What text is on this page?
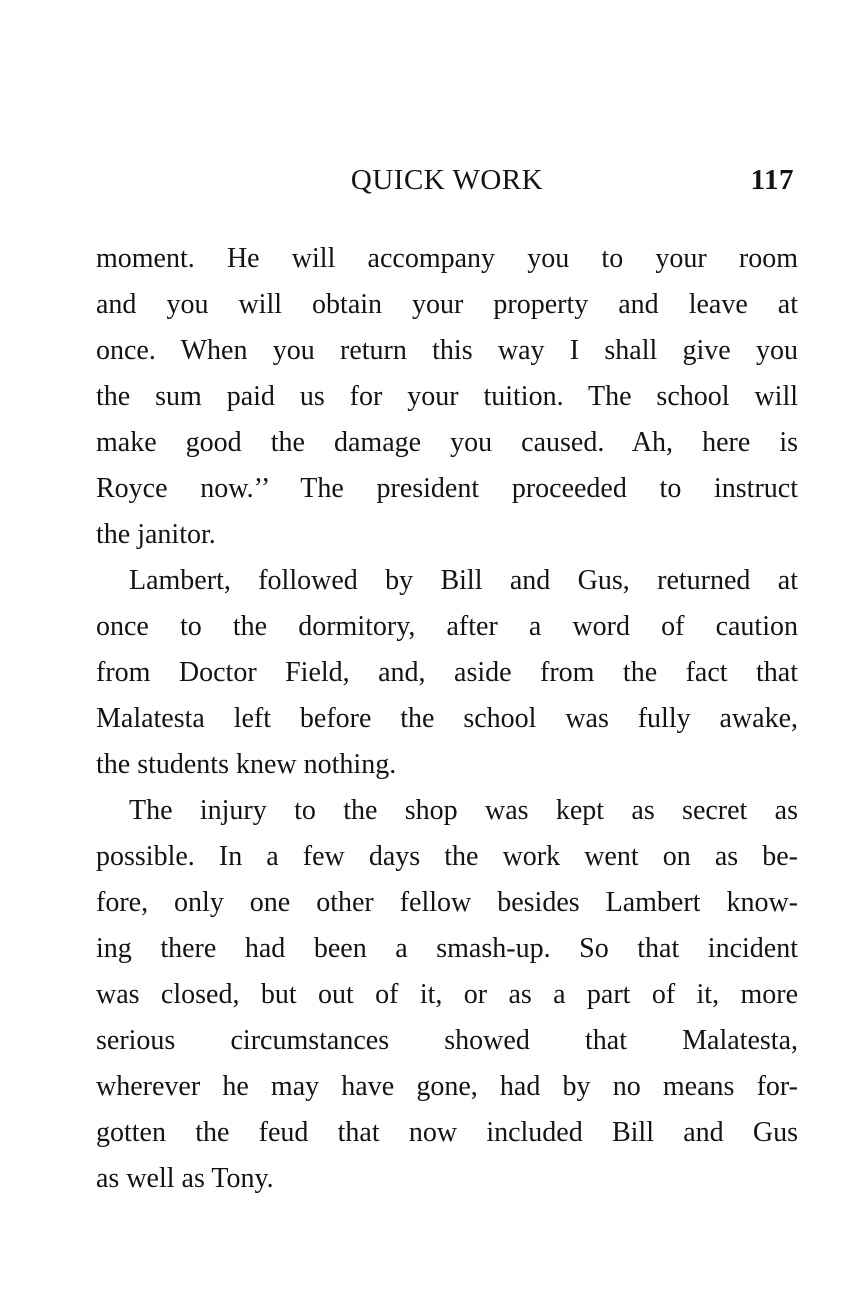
QUICK WORK	117
moment. He will accompany you to your room
and you will obtain your property and leave at
once. When you return this way I shall give you
the sum paid us for your tuition. The school will
make good the damage you caused. Ah, here is
Royce now.’’ The president proceeded to instruct
the janitor.
Lambert, followed by Bill and Gus, returned at
once to the dormitory, after a word of caution
from Doctor Field, and, aside from the fact that
Malatesta left before the school was fully awake,
the students knew nothing.
The injury to the shop was kept as secret as
possible. In a few days the work went on as be-
fore, only one other fellow besides Lambert know-
ing there had been a smash-up. So that incident
was closed, but out of it, or as a part of it, more
serious circumstances showed that Malatesta,
wherever he may have gone, had by no means for-
gotten the feud that now included Bill and Gus
as well as Tony.
